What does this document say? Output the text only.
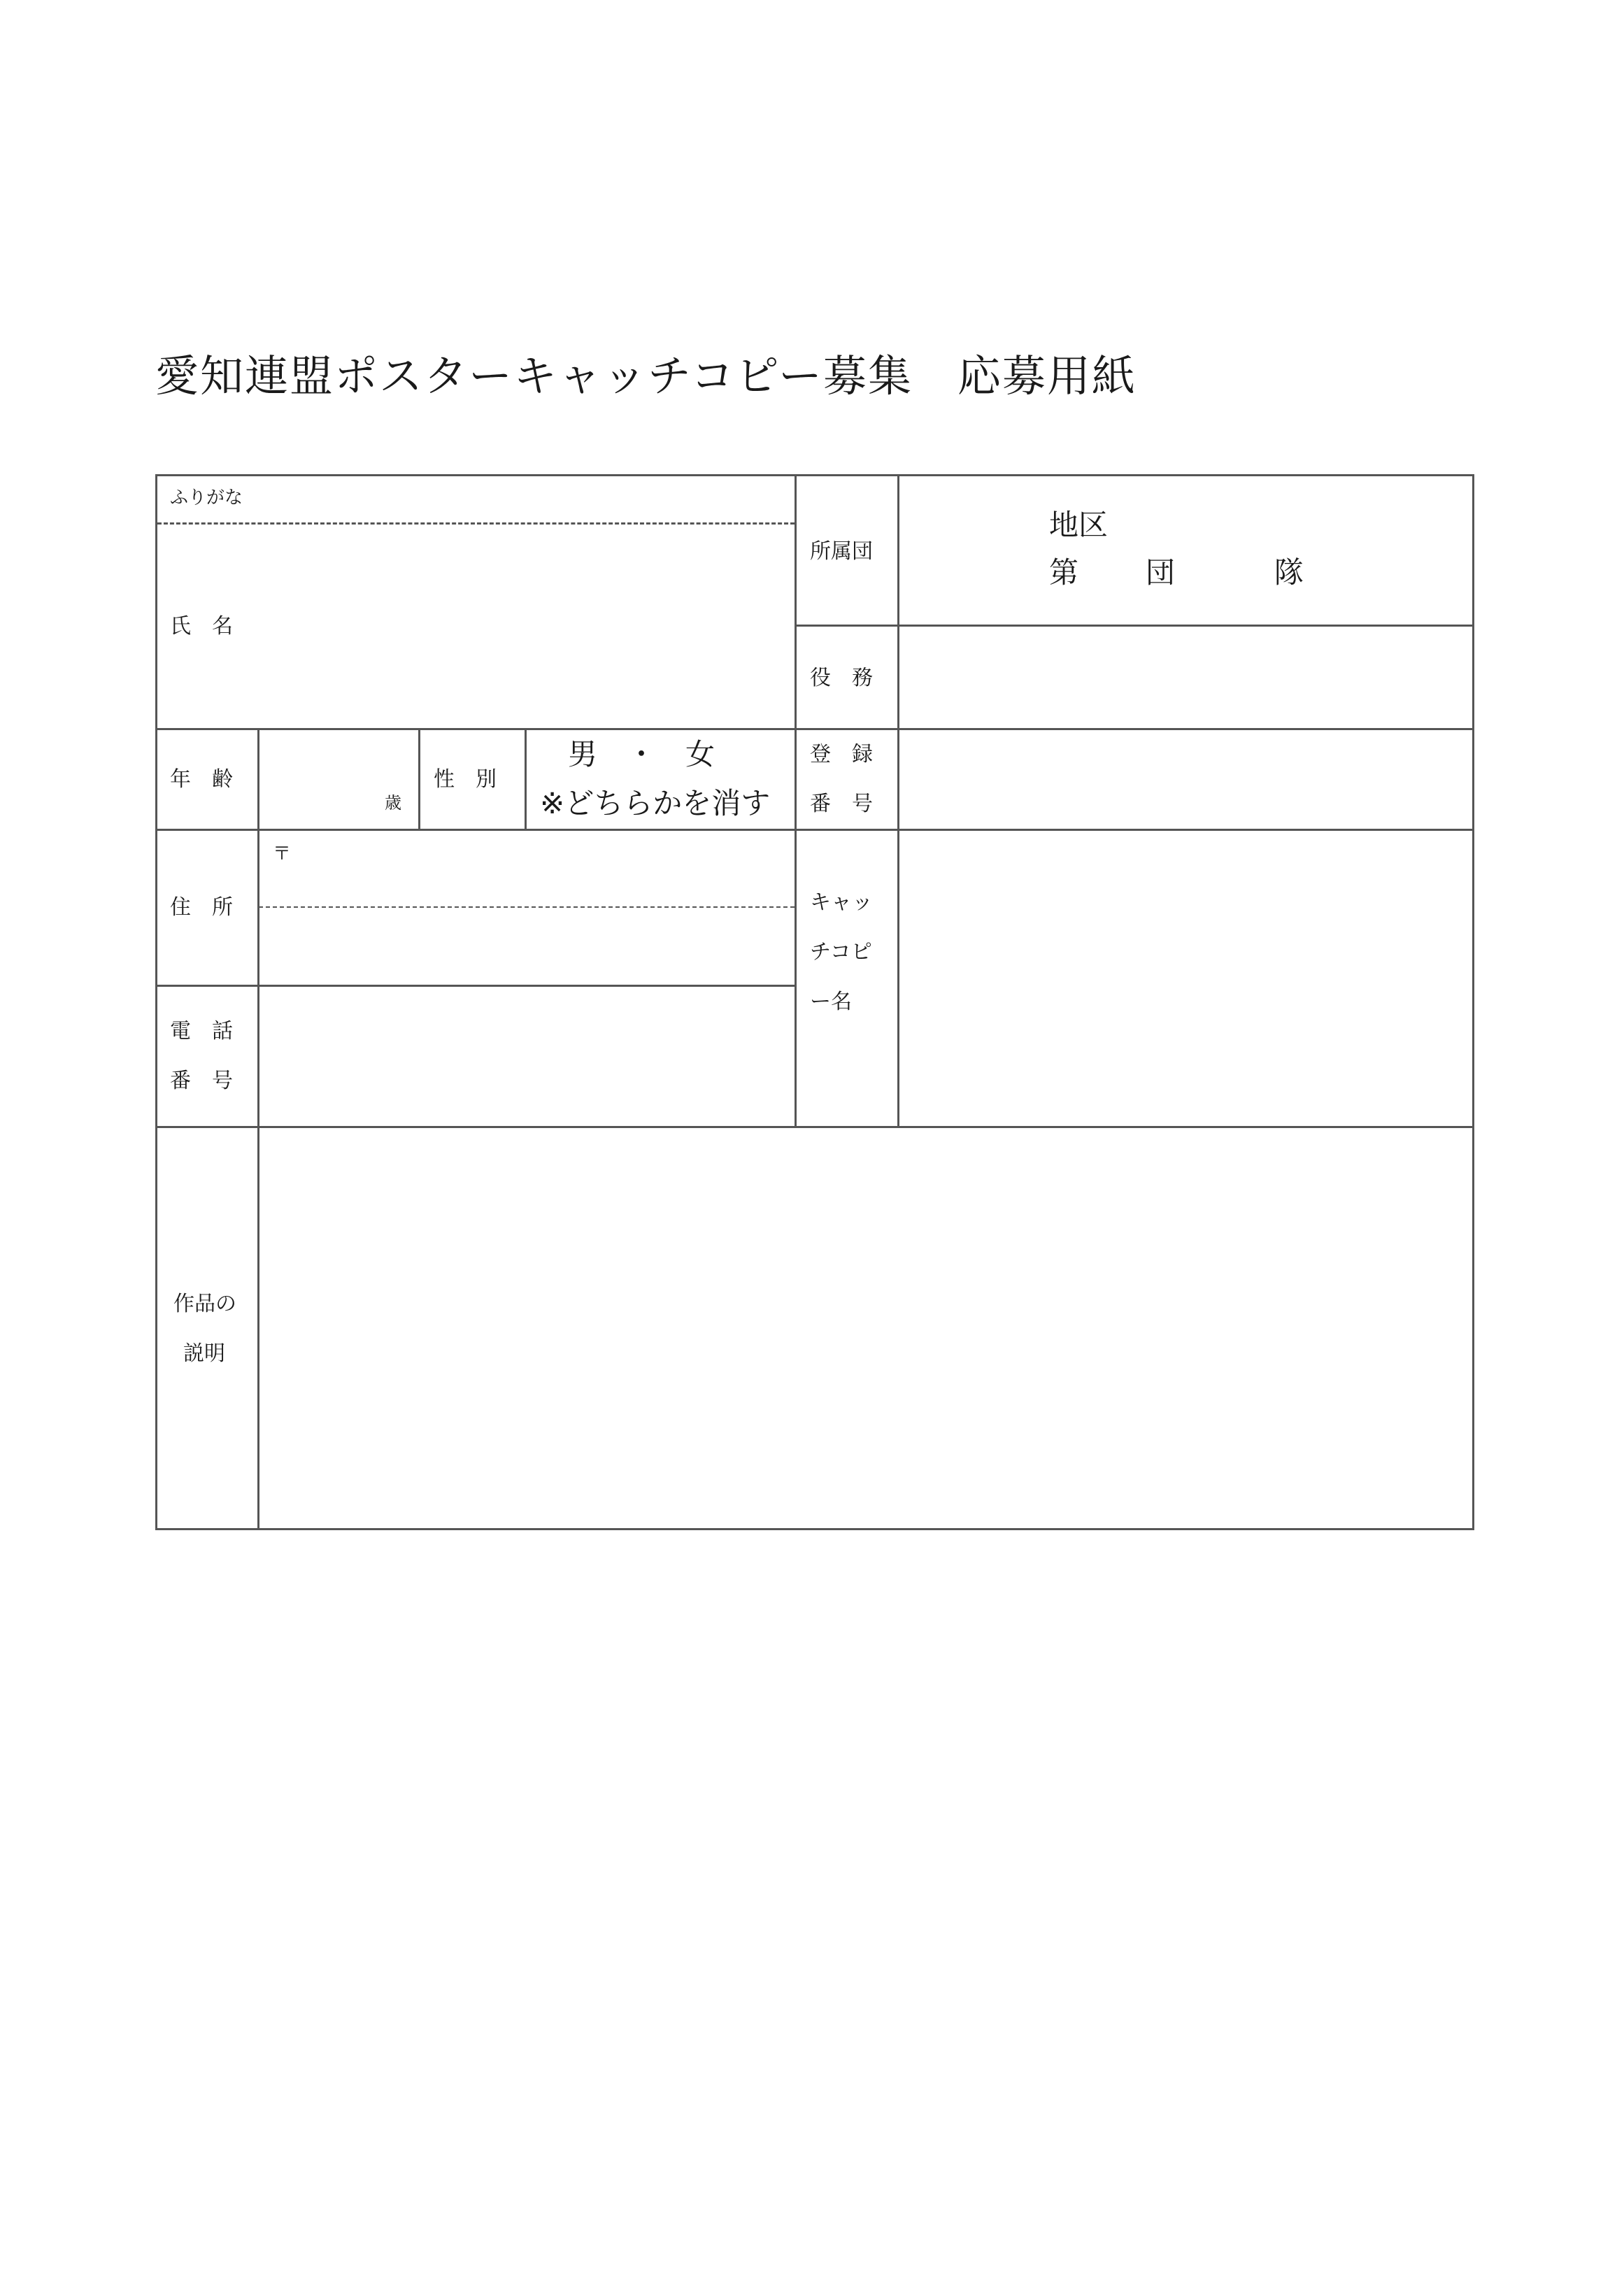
愛知連盟ポスターキャッチコピー募集　応募用紙
ふりがな
氏　名
所属団
地区
第　　団　　　隊
役　務
年　齢
歳
性　別
男　・　女
※どちらかを消す
登　録
番　号
住　所
〒
電　話
番　号
キャッ
チコピ
ー名
作品の
説明
